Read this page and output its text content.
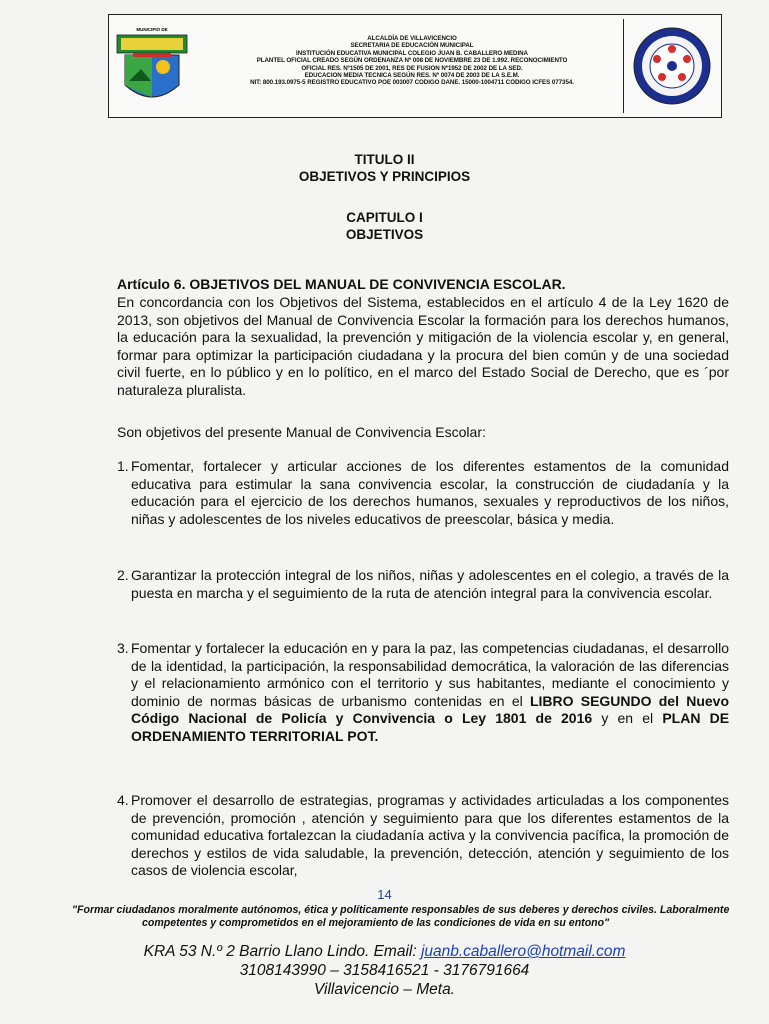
MUNICIPIO DE
ALCALDÍA DE VILLAVICENCIO
SECRETARIA DE EDUCACIÓN MUNICIPAL
INSTITUCIÓN EDUCATIVA MUNICIPAL COLEGIO JUAN B. CABALLERO MEDINA
PLANTEL OFICIAL CREADO SEGÚN ORDENANZA Nº 008 DE NOVIEMBRE 23 DE 1.992. RECONOCIMIENTO
OFICIAL RES. Nº1505 DE 2001, RES DE FUSION Nº1952 DE 2002 DE LA SED.
EDUCACION MEDIA TECNICA SEGÚN RES. Nº 0074 DE 2003 DE LA S.E.M.
NIT: 800.193.0975-5 REGISTRO EDUCATIVO POE 003007 CODIGO DANE. 15000-1004711 CODIGO ICFES 077354.
TITULO II
OBJETIVOS Y PRINCIPIOS
CAPITULO I
OBJETIVOS
Artículo 6. OBJETIVOS DEL MANUAL DE CONVIVENCIA ESCOLAR.
En concordancia con los Objetivos del Sistema, establecidos en el artículo 4 de la Ley 1620 de 2013, son objetivos del Manual de Convivencia Escolar la formación para los derechos humanos, la educación para la sexualidad, la prevención y mitigación de la violencia escolar y, en general, formar para optimizar la participación ciudadana y la procura del bien común y de una sociedad civil fuerte, en lo público y en lo político, en el marco del Estado Social de Derecho, que es ´por naturaleza pluralista.
Son objetivos del presente Manual de Convivencia Escolar:
1. Fomentar, fortalecer y articular acciones de los diferentes estamentos de la comunidad educativa para estimular la sana convivencia escolar, la construcción de ciudadanía y la educación para el ejercicio de los derechos humanos, sexuales y reproductivos de los niños, niñas y adolescentes de los niveles educativos de preescolar, básica y media.
2. Garantizar la protección integral de los niños, niñas y adolescentes en el colegio, a través de la puesta en marcha y el seguimiento de la ruta de atención integral para la convivencia escolar.
3. Fomentar y fortalecer la educación en y para la paz, las competencias ciudadanas, el desarrollo de la identidad, la participación, la responsabilidad democrática, la valoración de las diferencias y el relacionamiento armónico con el territorio y sus habitantes, mediante el conocimiento y dominio de normas básicas de urbanismo contenidas en el LIBRO SEGUNDO del Nuevo Código Nacional de Policía y Convivencia o Ley 1801 de 2016 y en el PLAN DE ORDENAMIENTO TERRITORIAL POT.
4. Promover el desarrollo de estrategias, programas y actividades articuladas a los componentes de prevención, promoción , atención y seguimiento para que los diferentes estamentos de la comunidad educativa fortalezcan la ciudadanía activa y la convivencia pacífica, la promoción de derechos y estilos de vida saludable, la prevención, detección, atención y seguimiento de los casos de violencia escolar,
14
"Formar ciudadanos moralmente autónomos, ética y políticamente responsables de sus deberes y derechos civiles. Laboralmente
competentes y comprometidos en el mejoramiento de las condiciones de vida en su entono"
KRA 53 N.º 2 Barrio Llano Lindo. Email: juanb.caballero@hotmail.com
3108143990 – 3158416521 - 3176791664
Villavicencio – Meta.
